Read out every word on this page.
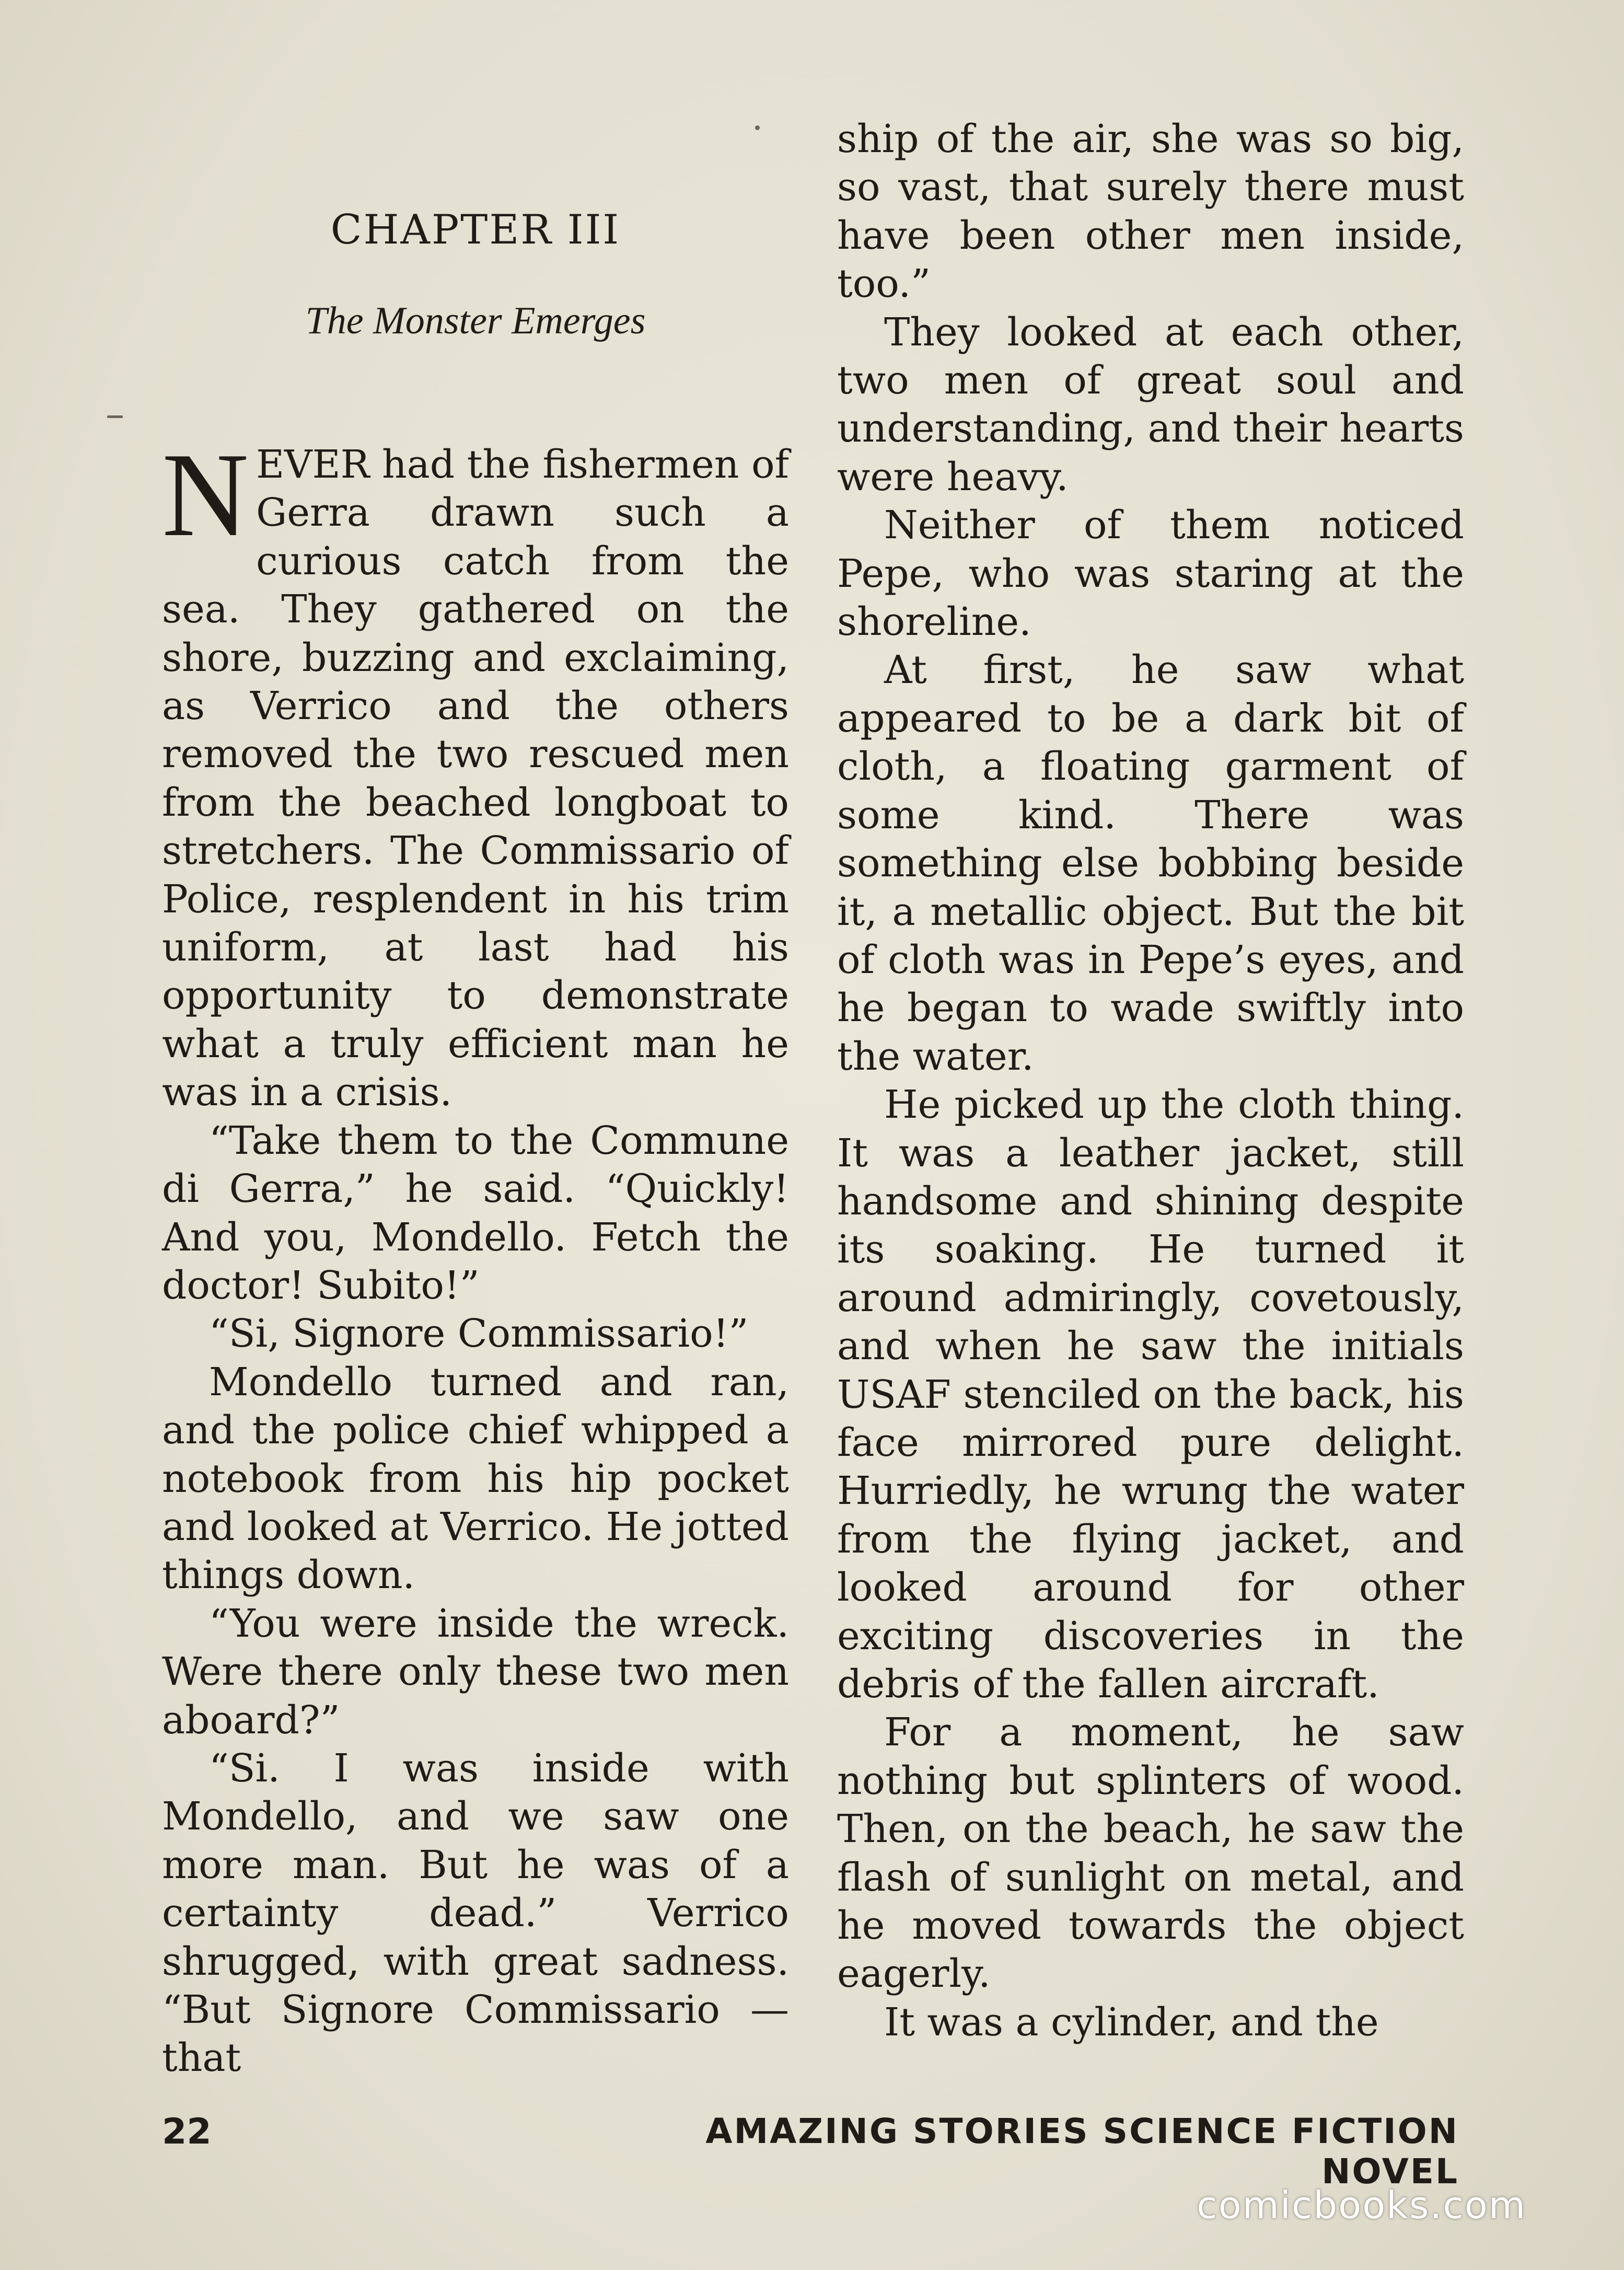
CHAPTER III
The Monster Emerges

NEVER had the fishermen of Gerra drawn such a curious catch from the sea. They gathered on the shore, buzzing and exclaiming, as Verrico and the others removed the two rescued men from the beached longboat to stretchers. The Commissario of Police, resplendent in his trim uniform, at last had his opportunity to demonstrate what a truly efficient man he was in a crisis.

“Take them to the Commune di Gerra,” he said. “Quickly! And you, Mondello. Fetch the doctor! Subito!”

“Si, Signore Commissario!”

Mondello turned and ran, and the police chief whipped a notebook from his hip pocket and looked at Verrico. He jotted things down.

“You were inside the wreck. Were there only these two men aboard?”

“Si. I was inside with Mondello, and we saw one more man. But he was of a certainty dead.” Verrico shrugged, with great sadness. “But Signore Commissario — that

ship of the air, she was so big, so vast, that surely there must have been other men inside, too.”

They looked at each other, two men of great soul and understanding, and their hearts were heavy.

Neither of them noticed Pepe, who was staring at the shoreline.

At first, he saw what appeared to be a dark bit of cloth, a floating garment of some kind. There was something else bobbing beside it, a metallic object. But the bit of cloth was in Pepe’s eyes, and he began to wade swiftly into the water.

He picked up the cloth thing. It was a leather jacket, still handsome and shining despite its soaking. He turned it around admiringly, covetously, and when he saw the initials USAF stenciled on the back, his face mirrored pure delight. Hurriedly, he wrung the water from the flying jacket, and looked around for other exciting discoveries in the debris of the fallen aircraft.

For a moment, he saw nothing but splinters of wood. Then, on the beach, he saw the flash of sunlight on metal, and he moved towards the object eagerly.

It was a cylinder, and the

22	AMAZING STORIES SCIENCE FICTION NOVEL
comicbooks.com
